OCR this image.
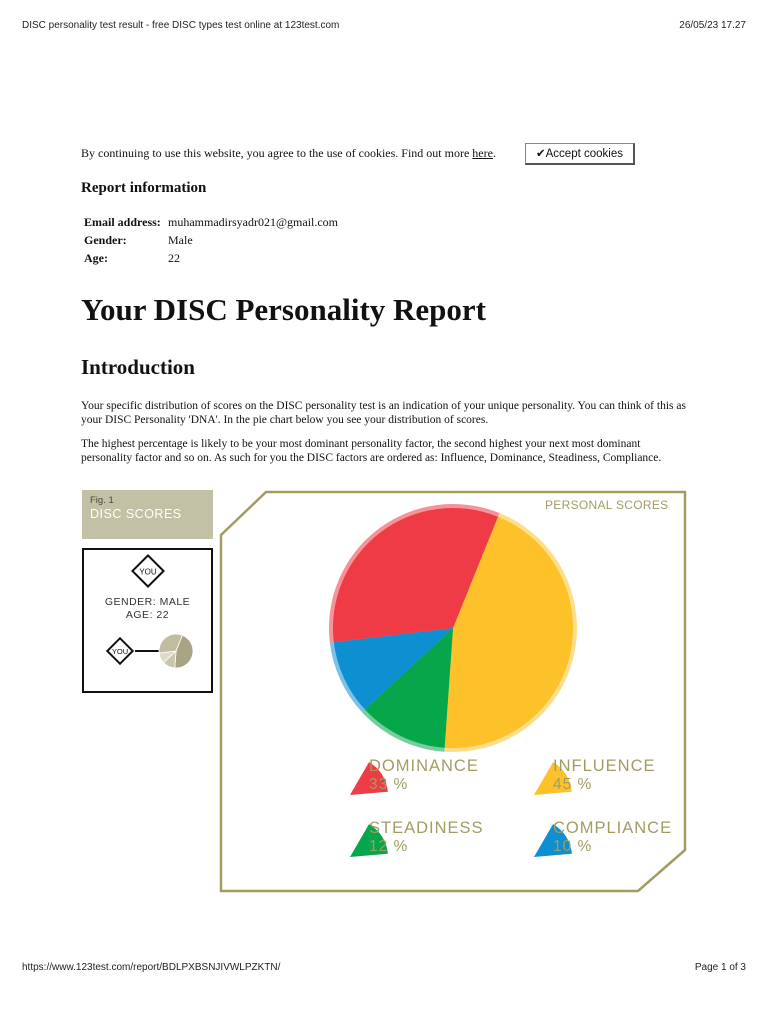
DISC personality test result - free DISC types test online at 123test.com	26/05/23 17.27
By continuing to use this website, you agree to the use of cookies. Find out more here.	✔Accept cookies
Report information
Email address:	muhammadirsyadr021@gmail.com
Gender:	Male
Age:	22
Your DISC Personality Report
Introduction

Your specific distribution of scores on the DISC personality test is an indication of your unique personality. You can think of this as your DISC Personality 'DNA'. In the pie chart below you see your distribution of scores.

The highest percentage is likely to be your most dominant personality factor, the second highest your next most dominant personality factor and so on. As such for you the DISC factors are ordered as: Influence, Dominance, Steadiness, Compliance.

Fig. 1
DISC SCORES
YOU
YOU
GENDER: MALE
AGE: 22
PERSONAL SCORES
DOMINANCE
33 %
INFLUENCE
45 %
STEADINESS
12 %
COMPLIANCE
10 %
https://www.123test.com/report/BDLPXBSNJIVWLPZKTN/	Page 1 of 3
